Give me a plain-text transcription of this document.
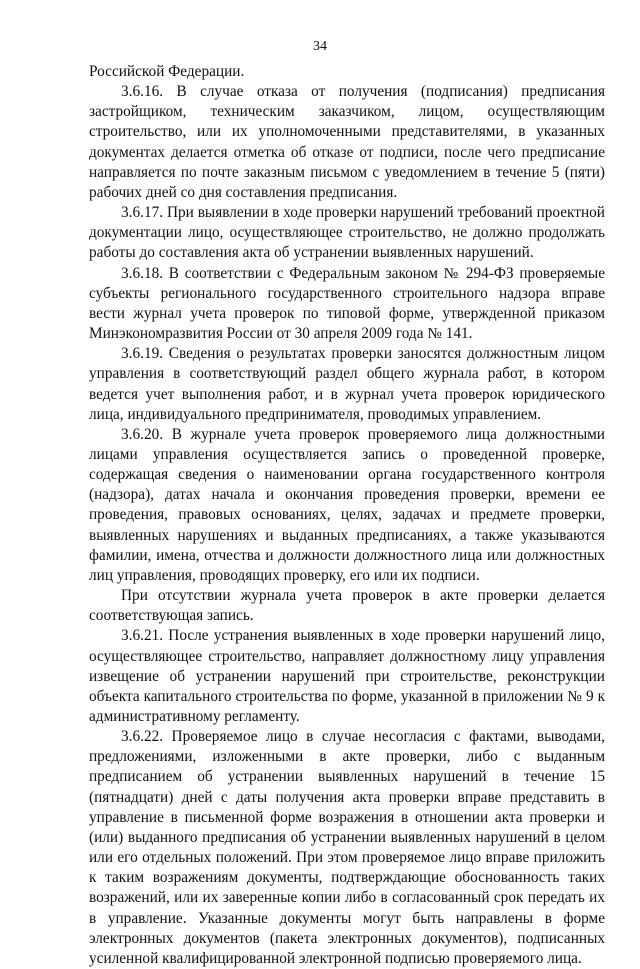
34

Российской Федерации.

3.6.16. В случае отказа от получения (подписания) предписания застройщиком, техническим заказчиком, лицом, осуществляющим строительство, или их уполномоченными представителями, в указанных документах делается отметка об отказе от подписи, после чего предписание направляется по почте заказным письмом с уведомлением в течение 5 (пяти) рабочих дней со дня составления предписания.

3.6.17. При выявлении в ходе проверки нарушений требований проектной документации лицо, осуществляющее строительство, не должно продолжать работы до составления акта об устранении выявленных нарушений.

3.6.18. В соответствии с Федеральным законом № 294-ФЗ проверяемые субъекты регионального государственного строительного надзора вправе вести журнал учета проверок по типовой форме, утвержденной приказом Минэкономразвития России от 30 апреля 2009 года № 141.

3.6.19. Сведения о результатах проверки заносятся должностным лицом управления в соответствующий раздел общего журнала работ, в котором ведется учет выполнения работ, и в журнал учета проверок юридического лица, индивидуального предпринимателя, проводимых управлением.

3.6.20. В журнале учета проверок проверяемого лица должностными лицами управления осуществляется запись о проведенной проверке, содержащая сведения о наименовании органа государственного контроля (надзора), датах начала и окончания проведения проверки, времени ее проведения, правовых основаниях, целях, задачах и предмете проверки, выявленных нарушениях и выданных предписаниях, а также указываются фамилии, имена, отчества и должности должностного лица или должностных лиц управления, проводящих проверку, его или их подписи.

При отсутствии журнала учета проверок в акте проверки делается соответствующая запись.

3.6.21. После устранения выявленных в ходе проверки нарушений лицо, осуществляющее строительство, направляет должностному лицу управления извещение об устранении нарушений при строительстве, реконструкции объекта капитального строительства по форме, указанной в приложении № 9 к административному регламенту.

3.6.22. Проверяемое лицо в случае несогласия с фактами, выводами, предложениями, изложенными в акте проверки, либо с выданным предписанием об устранении выявленных нарушений в течение 15 (пятнадцати) дней с даты получения акта проверки вправе представить в управление в письменной форме возражения в отношении акта проверки и (или) выданного предписания об устранении выявленных нарушений в целом или его отдельных положений. При этом проверяемое лицо вправе приложить к таким возражениям документы, подтверждающие обоснованность таких возражений, или их заверенные копии либо в согласованный срок передать их в управление. Указанные документы могут быть направлены в форме электронных документов (пакета электронных документов), подписанных усиленной квалифицированной электронной подписью проверяемого лица.
